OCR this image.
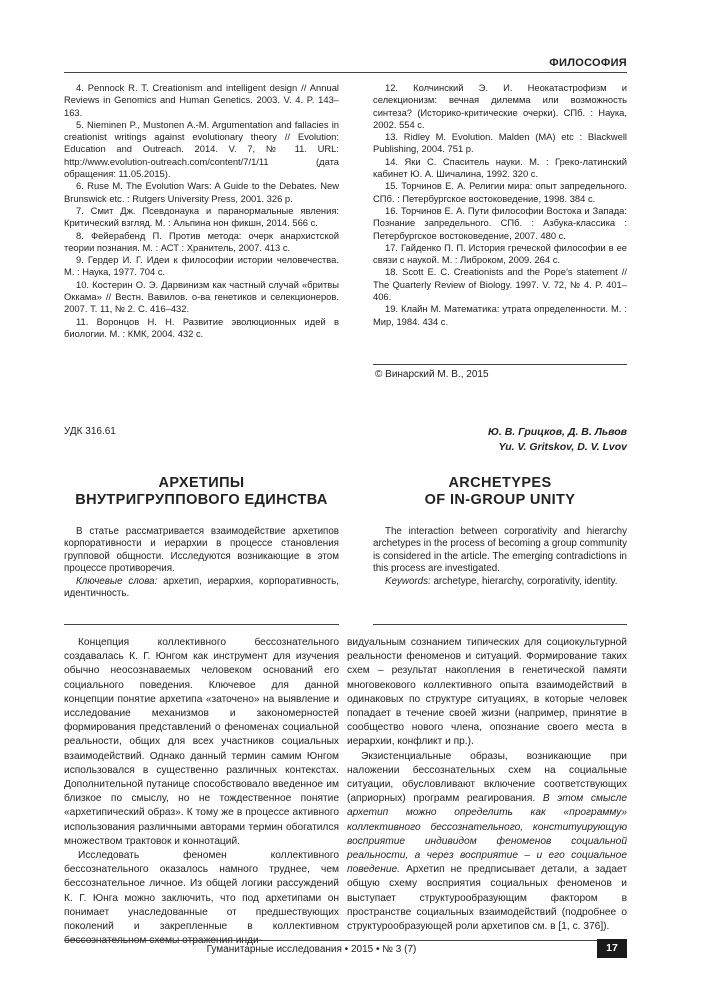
ФИЛОСОФИЯ

4. Pennock R. T. Creationism and intelligent design // Annual Reviews in Genomics and Human Genetics. 2003. V. 4. P. 143–163.

5. Nieminen P., Mustonen A.-M. Argumentation and fallacies in creationist writings against evolutionary theory // Evolution: Education and Outreach. 2014. V. 7, № 11. URL: http://www.evolution-outreach.com/content/7/1/11 (дата обращения: 11.05.2015).

6. Ruse M. The Evolution Wars: A Guide to the Debates. New Brunswick etc. : Rutgers University Press, 2001. 326 p.

7. Смит Дж. Псевдонаука и паранормальные явления: Критический взгляд. М. : Альпина нон фикшн, 2014. 566 с.

8. Фейерабенд П. Против метода: очерк анархистской теории познания. М. : АСТ : Хранитель, 2007. 413 с.

9. Гердер И. Г. Идеи к философии истории человечества. М. : Наука, 1977. 704 с.

10. Костерин О. Э. Дарвинизм как частный случай «бритвы Оккама» // Вестн. Вавилов. о-ва генетиков и селекционеров. 2007. Т. 11, № 2. С. 416–432.

11. Воронцов Н. Н. Развитие эволюционных идей в биологии. М. : КМК, 2004. 432 с.

12. Колчинский Э. И. Неокатастрофизм и селекционизм: вечная дилемма или возможность синтеза? (Историко-критические очерки). СПб. : Наука, 2002. 554 с.

13. Ridley M. Evolution. Malden (MA) etc : Blackwell Publishing, 2004. 751 p.

14. Яки С. Спаситель науки. М. : Греко-латинский кабинет Ю. А. Шичалина, 1992. 320 с.

15. Торчинов Е. А. Религии мира: опыт запредельного. СПб. : Петербургское востоковедение, 1998. 384 с.

16. Торчинов Е. А. Пути философии Востока и Запада: Познание запредельного. СПб. : Азбука-классика : Петербургское востоковедение, 2007. 480 с.

17. Гайденко П. П. История греческой философии в ее связи с наукой. М. : Либроком, 2009. 264 с.

18. Scott E. C. Creationists and the Pope’s statement // The Quarterly Review of Biology. 1997. V. 72, № 4. P. 401–406.

19. Клайн М. Математика: утрата определенности. М. : Мир, 1984. 434 с.

© Винарский М. В., 2015
УДК 316.61	Ю. В. Грицков, Д. В. Львов
Yu. V. Gritskov, D. V. Lvov
АРХЕТИПЫ
ВНУТРИГРУППОВОГО ЕДИНСТВА
ARCHETYPES
OF IN-GROUP UNITY

В статье рассматривается взаимодействие архетипов корпоративности и иерархии в процессе становления групповой общности. Исследуются возникающие в этом процессе противоречия.

Ключевые слова: архетип, иерархия, корпоративность, идентичность.

The interaction between corporativity and hierarchy archetypes in the process of becoming a group community is considered in the article. The emerging contradictions in this process are investigated.

Keywords: archetype, hierarchy, corporativity, identity.

Концепция коллективного бессознательного создавалась К. Г. Юнгом как инструмент для изучения обычно неосознаваемых человеком оснований его социального поведения. Ключевое для данной концепции понятие архетипа «заточено» на выявление и исследование механизмов и закономерностей формирования представлений о феноменах социальной реальности, общих для всех участников социальных взаимодействий. Однако данный термин самим Юнгом использовался в существенно различных контекстах. Дополнительной путанице способствовало введенное им близкое по смыслу, но не тождественное понятие «архетипический образ». К тому же в процессе активного использования различными авторами термин обогатился множеством трактовок и коннотаций.

Исследовать феномен коллективного бессознательного оказалось намного труднее, чем бессознательное личное. Из общей логики рассуждений К. Г. Юнга можно заключить, что под архетипами он понимает унаследованные от предшествующих поколений и закрепленные в коллективном бессознательном схемы отражения инди-

видуальным сознанием типических для социокультурной реальности феноменов и ситуаций. Формирование таких схем – результат накопления в генетической памяти многовекового коллективного опыта взаимодействий в одинаковых по структуре ситуациях, в которые человек попадает в течение своей жизни (например, принятие в сообщество нового члена, опознание своего места в иерархии, конфликт и пр.).

Экзистенциальные образы, возникающие при наложении бессознательных схем на социальные ситуации, обусловливают включение соответствующих (априорных) программ реагирования. В этом смысле архетип можно определить как «программу» коллективного бессознательного, конституирующую восприятие индивидом феноменов социальной реальности, а через восприятие – и его социальное поведение. Архетип не предписывает детали, а задает общую схему восприятия социальных феноменов и выступает структурообразующим фактором в пространстве социальных взаимодействий (подробнее о структурообразующей роли архетипов см. в [1, с. 376]).

Гуманитарные исследования • 2015 • № 3 (7)	17
